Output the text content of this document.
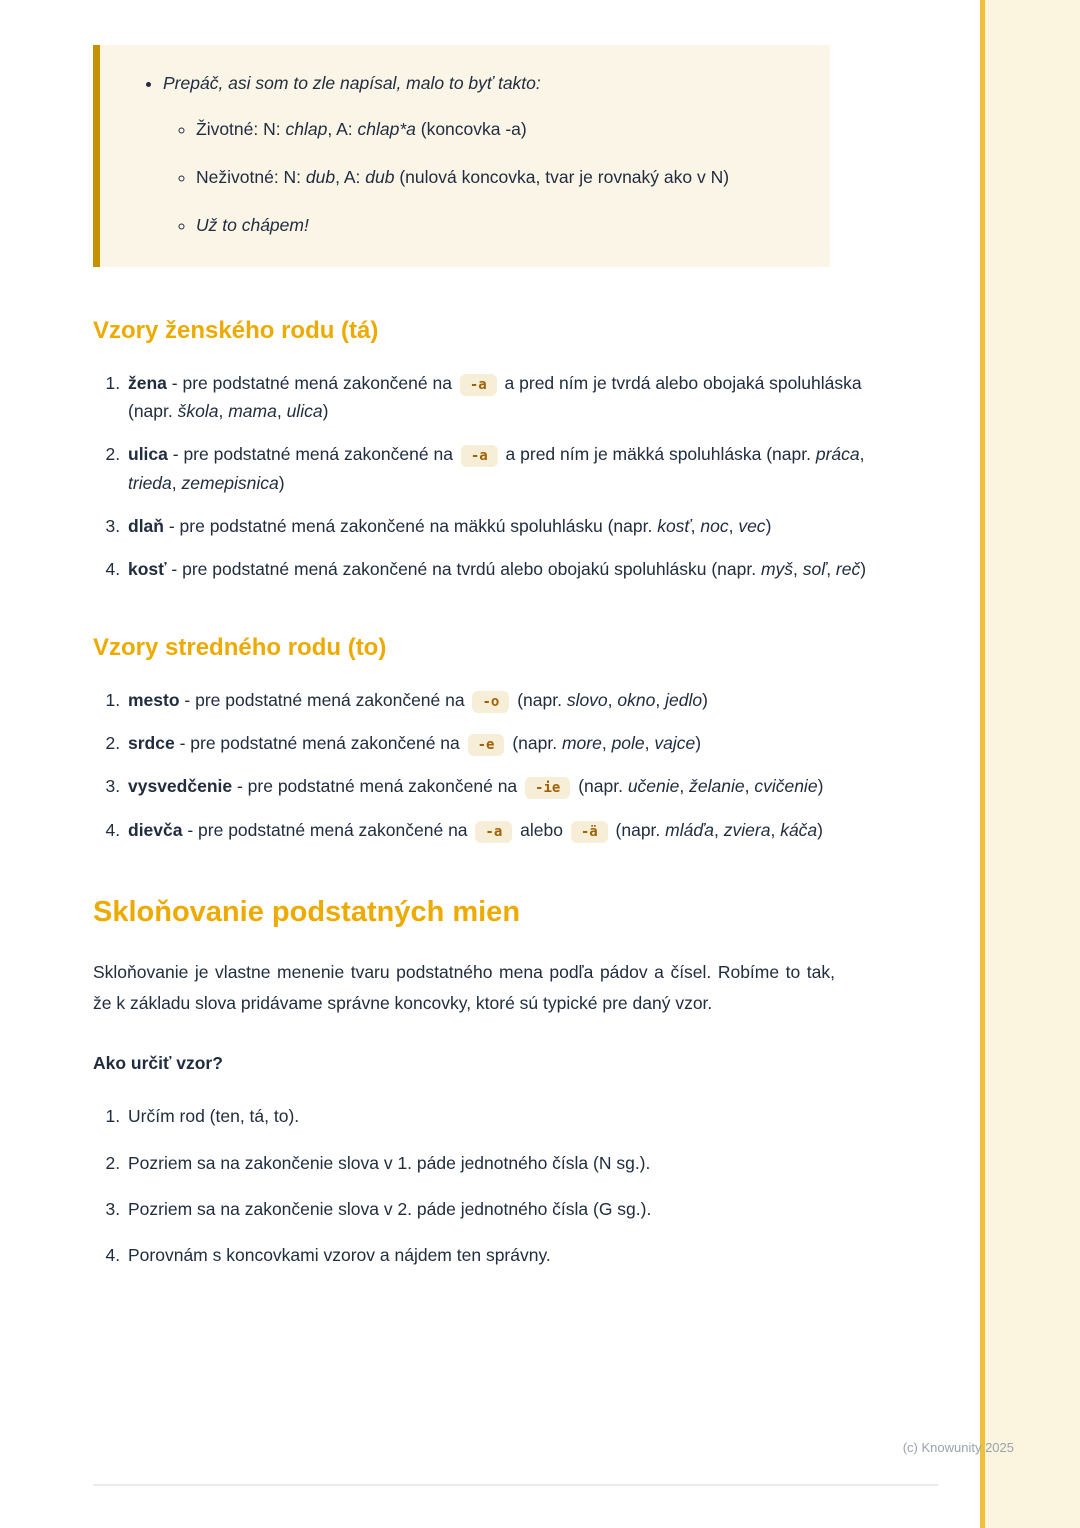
• Prepáč, asi som to zle napísal, malo to byť takto:
◦ Životné: N: chlap, A: chlap*a (koncovka -a)
◦ Neživotné: N: dub, A: dub (nulová koncovka, tvar je rovnaký ako v N)
◦ Už to chápem!
Vzory ženského rodu (tá)
1. žena - pre podstatné mená zakončené na -a a pred ním je tvrdá alebo obojaká spoluhláska (napr. škola, mama, ulica)
2. ulica - pre podstatné mená zakončené na -a a pred ním je mäkká spoluhláska (napr. práca, trieda, zemepisnica)
3. dlaň - pre podstatné mená zakončené na mäkkú spoluhlásku (napr. kosť, noc, vec)
4. kosť - pre podstatné mená zakončené na tvrdú alebo obojakú spoluhlásku (napr. myš, soľ, reč)
Vzory stredného rodu (to)
1. mesto - pre podstatné mená zakončené na -o (napr. slovo, okno, jedlo)
2. srdce - pre podstatné mená zakončené na -e (napr. more, pole, vajce)
3. vysvedčenie - pre podstatné mená zakončené na -ie (napr. učenie, želanie, cvičenie)
4. dievča - pre podstatné mená zakončené na -a alebo -ä (napr. mláďa, zviera, káča)
Skloňovanie podstatných mien

Skloňovanie je vlastne menenie tvaru podstatného mena podľa pádov a čísel. Robíme to tak, že k základu slova pridávame správne koncovky, ktoré sú typické pre daný vzor.

Ako určiť vzor?

1. Určím rod (ten, tá, to).
2. Pozriem sa na zakončenie slova v 1. páde jednotného čísla (N sg.).
3. Pozriem sa na zakončenie slova v 2. páde jednotného čísla (G sg.).
4. Porovnám s koncovkami vzorov a nájdem ten správny.
(c) Knowunity 2025
